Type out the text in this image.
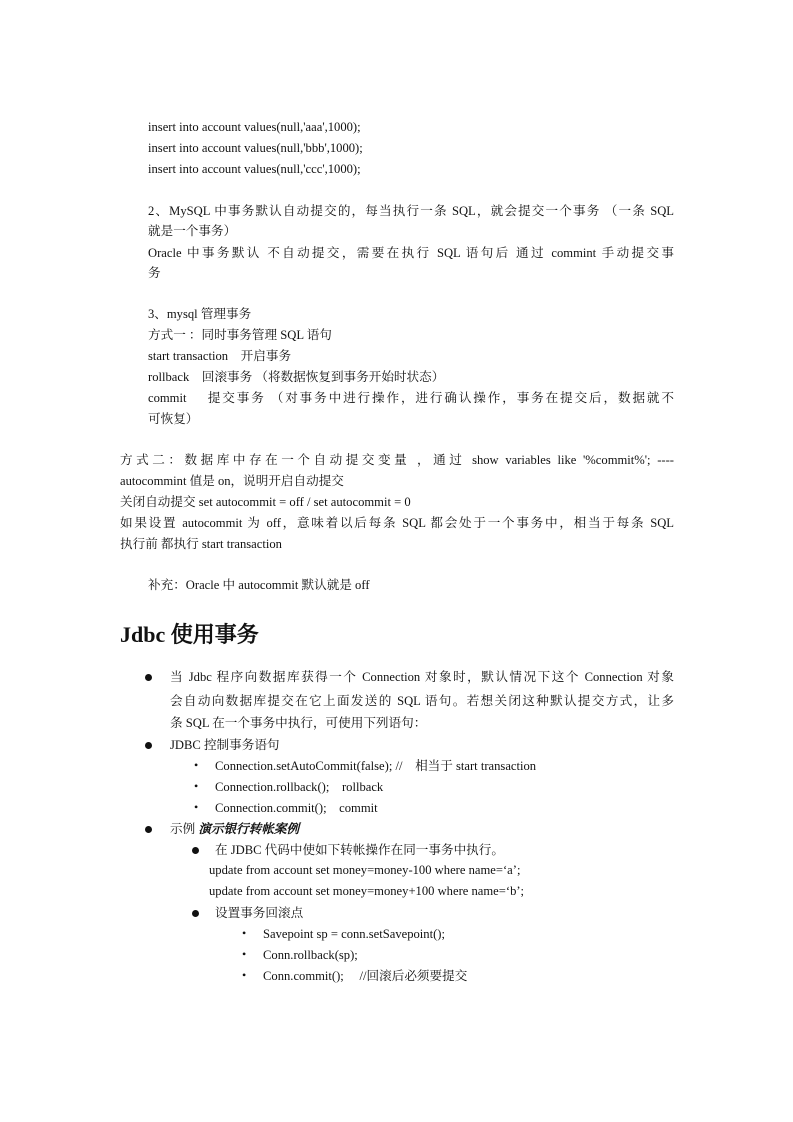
insert into account values(null,'aaa',1000);
insert into account values(null,'bbb',1000);
insert into account values(null,'ccc',1000);
2、MySQL 中事务默认自动提交的，每当执行一条 SQL，就会提交一个事务 （一条 SQL
就是一个事务）
Oracle 中事务默认 不自动提交，需要在执行 SQL 语句后 通过 commint 手动提交事
务
3、mysql 管理事务
方式一 ：同时事务管理 SQL 语句
start transaction　开启事务
rollback　回滚事务 （将数据恢复到事务开始时状态）
commit　 提交事务 （对事务中进行操作，进行确认操作，事务在提交后，数据就不
可恢复）
方式二：数据库中存在一个自动提交变量 ，通过 show variables like '%commit%'; ----
autocommint 值是 on，说明开启自动提交
关闭自动提交 set autocommit = off / set autocommit = 0
如果设置 autocommit 为 off，意味着以后每条 SQL 都会处于一个事务中，相当于每条 SQL
执行前 都执行 start transaction
补充：Oracle 中 autocommit 默认就是 off
Jdbc 使用事务
当 Jdbc 程序向数据库获得一个 Connection 对象时，默认情况下这个 Connection 对象
会自动向数据库提交在它上面发送的 SQL 语句。若想关闭这种默认提交方式，让多
条 SQL 在一个事务中执行，可使用下列语句：
JDBC 控制事务语句
• Connection.setAutoCommit(false); //　相当于 start transaction
• Connection.rollback();　rollback
• Connection.commit();　commit
示例 演示银行转帐案例
在 JDBC 代码中使如下转帐操作在同一事务中执行。
update from account set money=money-100 where name=‘a’;
update from account set money=money+100 where name=‘b’;
设置事务回滚点
• Savepoint sp = conn.setSavepoint();
• Conn.rollback(sp);
• Conn.commit();　 //回滚后必须要提交
